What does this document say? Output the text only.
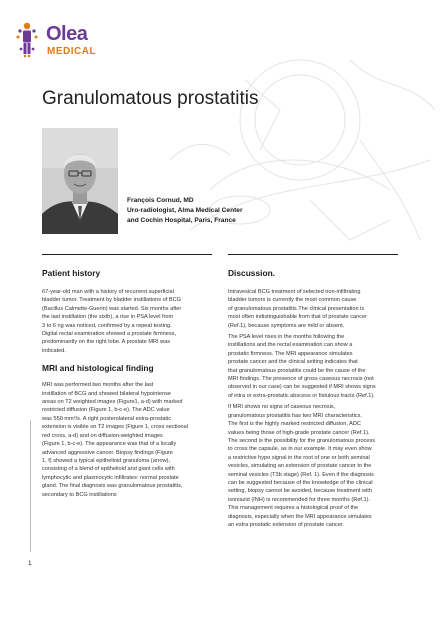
Olea
MEDICAL
Granulomatous prostatitis
François Cornud, MD
Uro-radiologist, Alma Medical Center
and Cochin Hospital, Paris, France
Patient history

67-year-old man with a history of recurrent superficial
bladder tumor. Treatment by bladder instillations of BCG
(Bacillus Calmette-Guerin) was started. Six months after
the last instillation (the sixth), a rise in PSA level from
3 to 6 ng was noticed, confirmed by a repeat testing.
Digital rectal examination showed a prostate firmness,
predominantly on the right lobe. A prostate MRI was
indicated.

MRI and histological finding

MRI was performed two months after the last
instillation of BCG and showed bilateral hypointense
areas on T2 weighted images (Figure1, a-d) with marked
restricted diffusion (Figure 1, b-c-e). The ADC value
was 550 mm²/s. A right posterolateral extra-prostatic
extension is visible on T2 images (Figure 1, cross sectional
red cross, a-d) and on diffusion-weighted images
(Figure 1, b-c-e). The appearance was that of a locally
advanced aggressive cancer. Biopsy findings (Figure
1, f) showed a typical epithelioid granuloma (arrow),
consisting of a blend of epithelioid and giant cells with
lymphocytic and plasmocytic infiltrates: normal prostate
gland. The final diagnosis was granulomatous prostatitis,
secondary to BCG instillations

Discussion.

Intravesical BCG treatment of selected non-infiltrating
bladder tumors is currently the most common cause
of granulomatous prostatitis.The clinical presentation is
most often indistinguishable from that of prostate cancer
(Ref.1), because symptoms are mild or absent.

The PSA level rises in the months following the
instillations and the rectal examination can show a
prostatic firmness. The MRI appearance simulates
prostate cancer and the clinical setting indicates that
that granulomatous prostatitis could be the cause of the
MRI findings. The presence of gross caseous necrosis (not
observed in our case) can be suggested if MRI shows signs
of intra or extra-prostatic abscess or fistulous tracts (Ref.1).

If MRI shows no signs of caseous necrosis,
granulomatous prostatitis has two MRI characteristics.
The first is the highly marked restricted diffusion, ADC
values being those of high-grade prostate cancer (Ref.1).
The second is the possibility for the granulomatous process
to cross the capsule, as in our example. It may even show
a restrictive hypo signal in the root of one or both seminal
vesicles, simulating an extension of prostate cancer to the
seminal vesicles (T3b stage) (Ref. 1). Even if the diagnosis
can be suggested because of the knowledge of the clinical
setting, biopsy cannot be avoided, because treatment with
isoniazid (INH) is recommended for three months (Ref.1).
This management requires a histological proof of the
diagnosis, especially when the MRI appearance simulates
an extra prostatic extension of prostate cancer.

1
